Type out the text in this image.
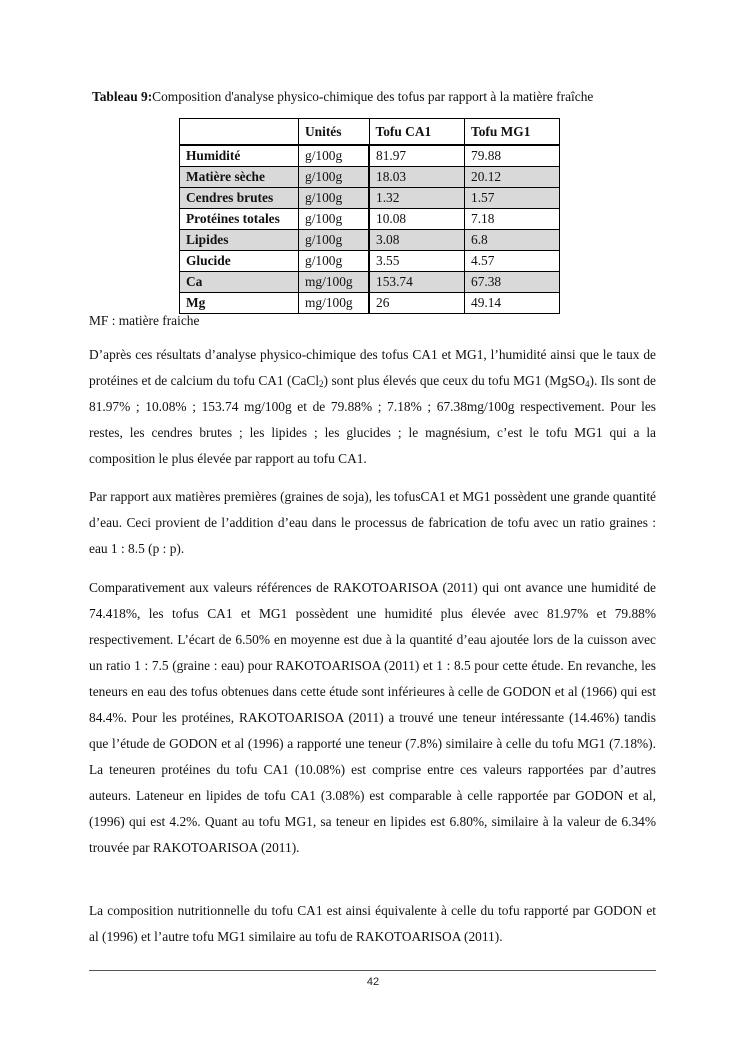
Tableau 9:Composition d'analyse physico-chimique des tofus par rapport à la matière fraîche
	Unités	Tofu CA1	Tofu MG1
Humidité	g/100g	81.97	79.88
Matière sèche	g/100g	18.03	20.12
Cendres brutes	g/100g	1.32	1.57
Protéines totales	g/100g	10.08	7.18
Lipides	g/100g	3.08	6.8
Glucide	g/100g	3.55	4.57
Ca	mg/100g	153.74	67.38
Mg	mg/100g	26	49.14
MF : matière fraiche

D’après ces résultats d’analyse physico-chimique des tofus CA1 et MG1, l’humidité ainsi que le taux de protéines et de calcium du tofu CA1 (CaCl$_2$) sont plus élevés que ceux du tofu MG1 (MgSO$_4$). Ils sont de 81.97% ; 10.08% ; 153.74 mg/100g et de 79.88% ; 7.18% ; 67.38mg/100g respectivement. Pour les restes, les cendres brutes ; les lipides ; les glucides ; le magnésium, c’est le tofu MG1 qui a la composition le plus élevée par rapport au tofu CA1.

Par rapport aux matières premières (graines de soja), les tofusCA1 et MG1 possèdent une grande quantité d’eau. Ceci provient de l’addition d’eau dans le processus de fabrication de tofu avec un ratio graines : eau 1 : 8.5 (p : p).

Comparativement aux valeurs références de RAKOTOARISOA (2011) qui ont avance une humidité de 74.418%, les tofus CA1 et MG1 possèdent une humidité plus élevée avec 81.97% et 79.88% respectivement. L’écart de 6.50% en moyenne est due à la quantité d’eau ajoutée lors de la cuisson avec un ratio 1 : 7.5 (graine : eau) pour RAKOTOARISOA (2011) et 1 : 8.5 pour cette étude. En revanche, les teneurs en eau des tofus obtenues dans cette étude sont inférieures à celle de GODON et al (1966) qui est 84.4%. Pour les protéines, RAKOTOARISOA (2011) a trouvé une teneur intéressante (14.46%) tandis que l’étude de GODON et al (1996) a rapporté une teneur (7.8%) similaire à celle du tofu MG1 (7.18%). La teneuren protéines du tofu CA1 (10.08%) est comprise entre ces valeurs rapportées par d’autres auteurs. Lateneur en lipides de tofu CA1 (3.08%) est comparable à celle rapportée par GODON et al, (1996) qui est 4.2%. Quant au tofu MG1, sa teneur en lipides est 6.80%, similaire à la valeur de 6.34% trouvée par RAKOTOARISOA (2011).

La composition nutritionnelle du tofu CA1 est ainsi équivalente à celle du tofu rapporté par GODON et al (1996) et l’autre tofu MG1 similaire au tofu de RAKOTOARISOA (2011).

42
